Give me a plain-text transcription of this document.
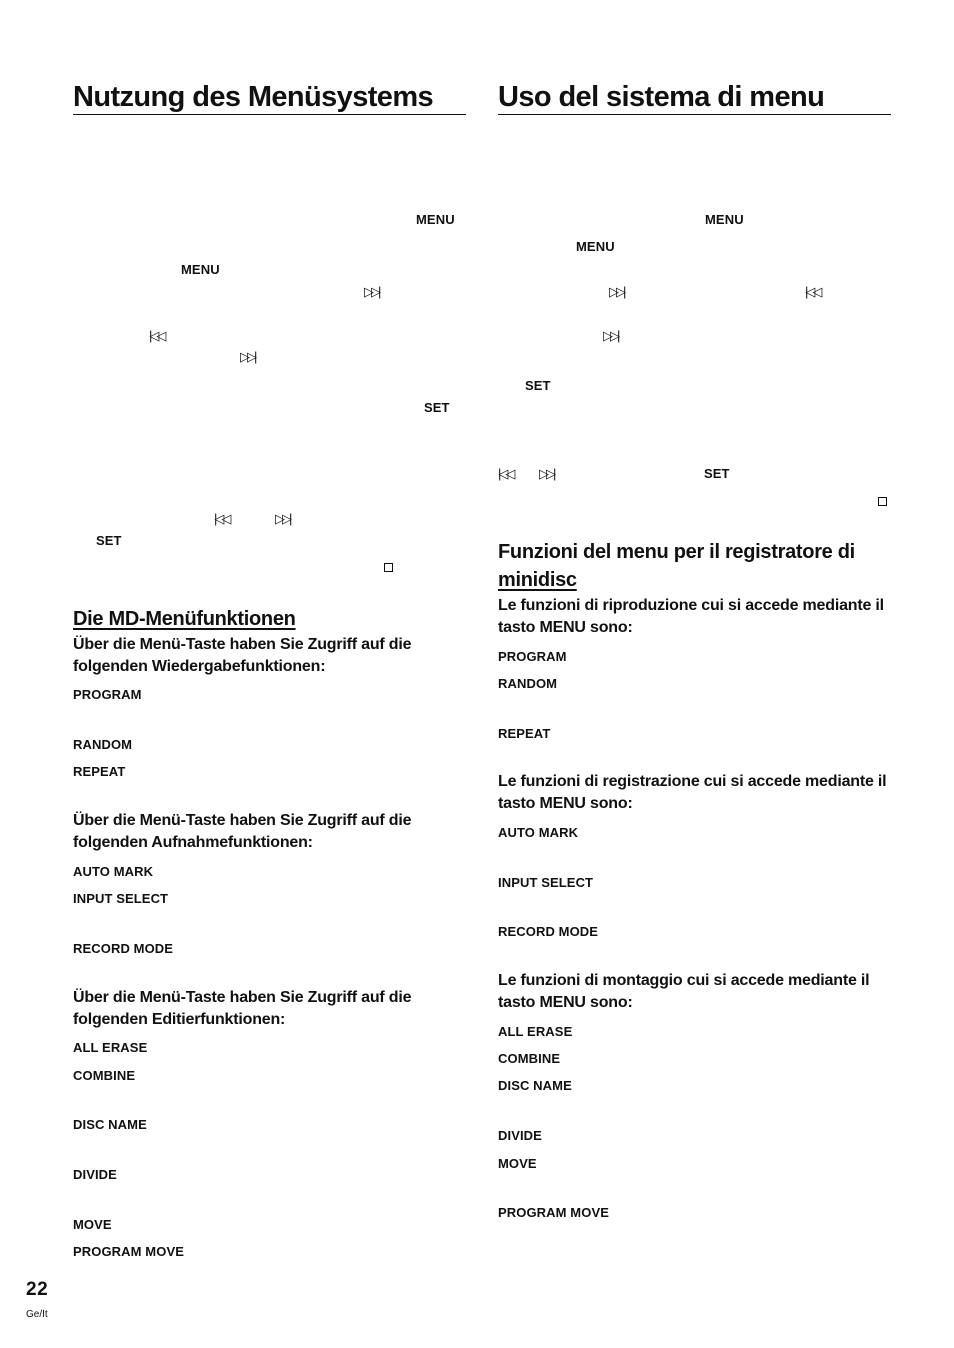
Nutzung des Menüsystems
MENU
MENU
▷▷|
|◁◁
▷▷|
SET
|◁◁	▷▷|
SET
Die MD-Menüfunktionen
Über die Menü-Taste haben Sie Zugriff auf die
folgenden Wiedergabefunktionen:
PROGRAM
RANDOM
REPEAT
Über die Menü-Taste haben Sie Zugriff auf die
folgenden Aufnahmefunktionen:
AUTO MARK
INPUT SELECT
RECORD MODE
Über die Menü-Taste haben Sie Zugriff auf die
folgenden Editierfunktionen:
ALL ERASE
COMBINE
DISC NAME
DIVIDE
MOVE
PROGRAM MOVE
Uso del sistema di menu
MENU
MENU
▷▷|	|◁◁
▷▷|
SET
|◁◁ ▷▷|	SET
Funzioni del menu per il registratore di
minidisc
Le funzioni di riproduzione cui si accede mediante il
tasto MENU sono:
PROGRAM
RANDOM
REPEAT
Le funzioni di registrazione cui si accede mediante il
tasto MENU sono:
AUTO MARK
INPUT SELECT
RECORD MODE
Le funzioni di montaggio cui si accede mediante il
tasto MENU sono:
ALL ERASE
COMBINE
DISC NAME
DIVIDE
MOVE
PROGRAM MOVE
22
Ge/It
